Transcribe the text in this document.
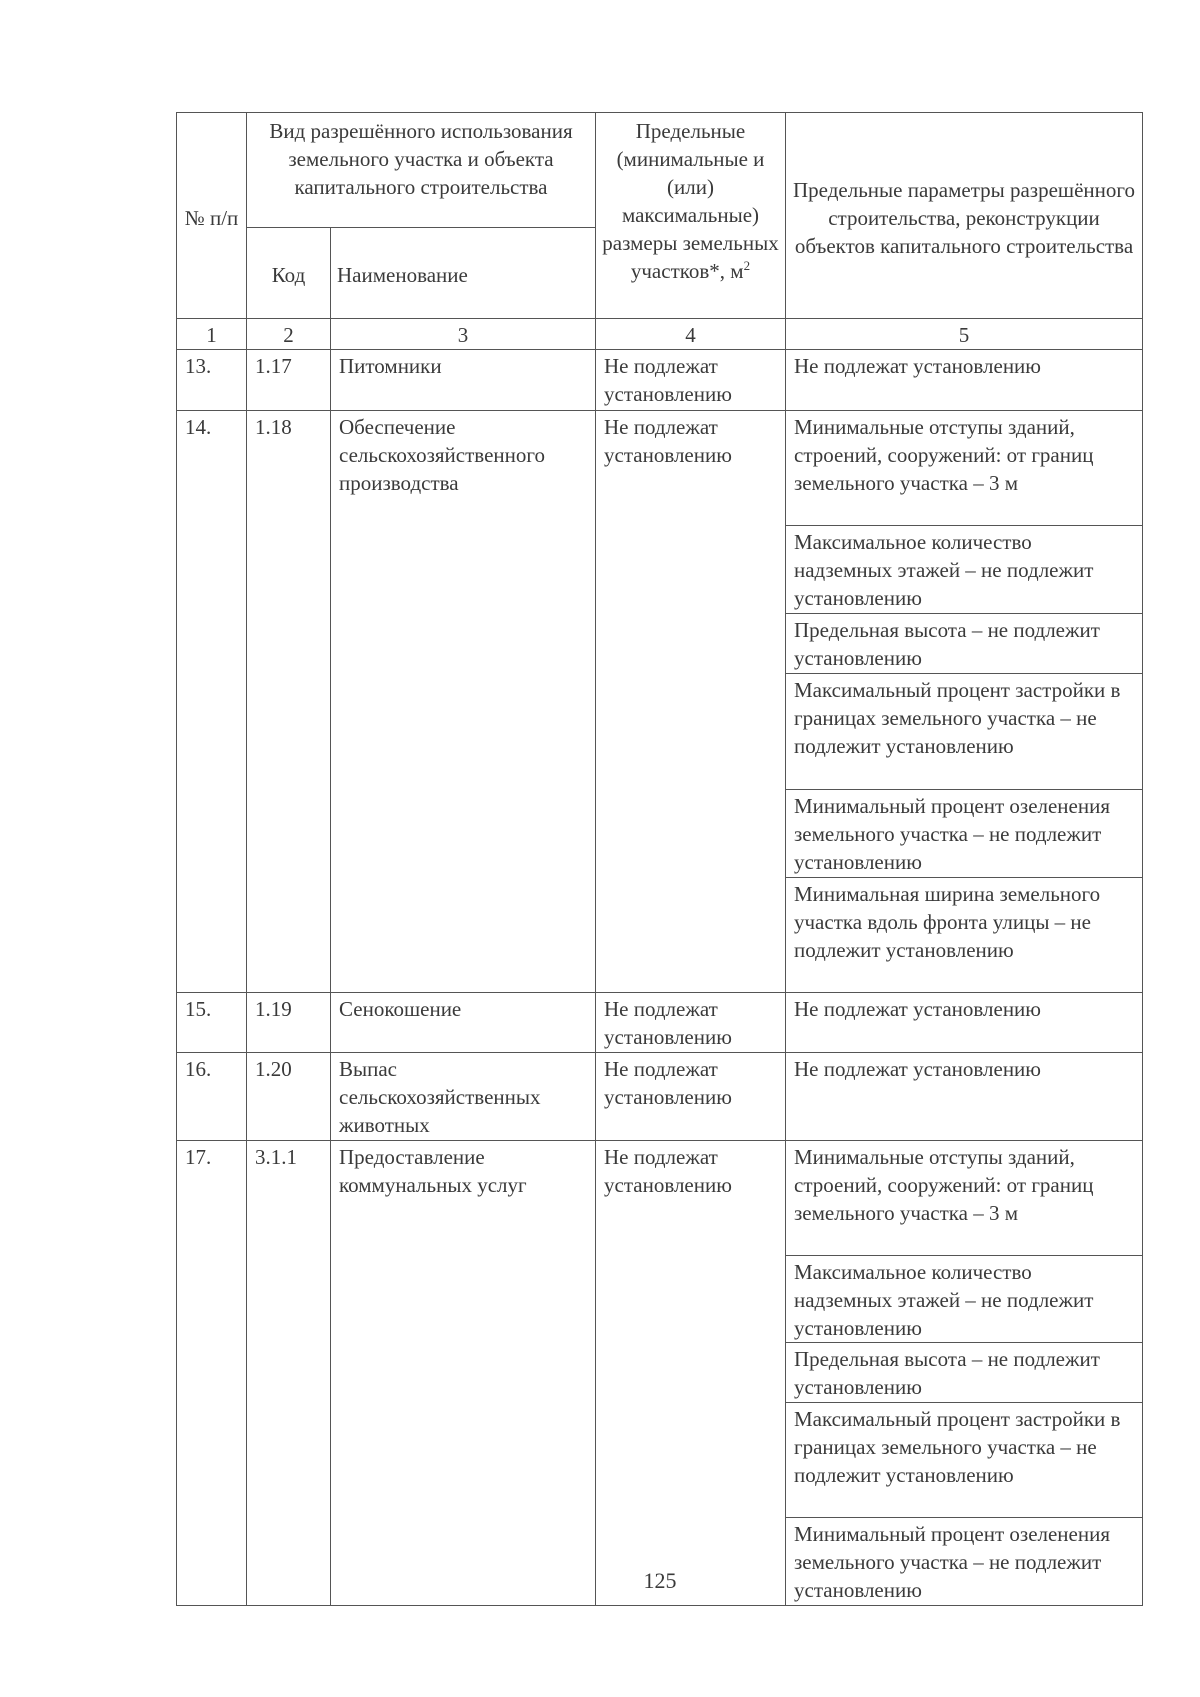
№ п/п	Вид разрешённого использования земельного участка и объекта капитального строительства		Предельные (минимальные и (или) максимальные) размеры земельных участков*, $м^2$	Предельные параметры разрешённого строительства, реконструкции объектов капитального строительства
	Код	Наименование		
1	2	3	4	5
13.	1.17	Питомники	Не подлежат установлению	Не подлежат установлению
14.	1.18	Обеспечение сельскохозяйственного производства	Не подлежат установлению	Минимальные отступы зданий, строений, сооружений: от границ земельного участка – 3 м
				Максимальное количество надземных этажей – не подлежит установлению
				Предельная высота – не подлежит установлению
				Максимальный процент застройки в границах земельного участка – не подлежит установлению
				Минимальный процент озеленения земельного участка – не подлежит установлению
				Минимальная ширина земельного участка вдоль фронта улицы – не подлежит установлению
15.	1.19	Сенокошение	Не подлежат установлению	Не подлежат установлению
16.	1.20	Выпас сельскохозяйственных животных	Не подлежат установлению	Не подлежат установлению
17.	3.1.1	Предоставление коммунальных услуг	Не подлежат установлению	Минимальные отступы зданий, строений, сооружений: от границ земельного участка – 3 м
				Максимальное количество надземных этажей – не подлежит установлению
				Предельная высота – не подлежит установлению
				Максимальный процент застройки в границах земельного участка – не подлежит установлению
				Минимальный процент озеленения земельного участка – не подлежит установлению
125
